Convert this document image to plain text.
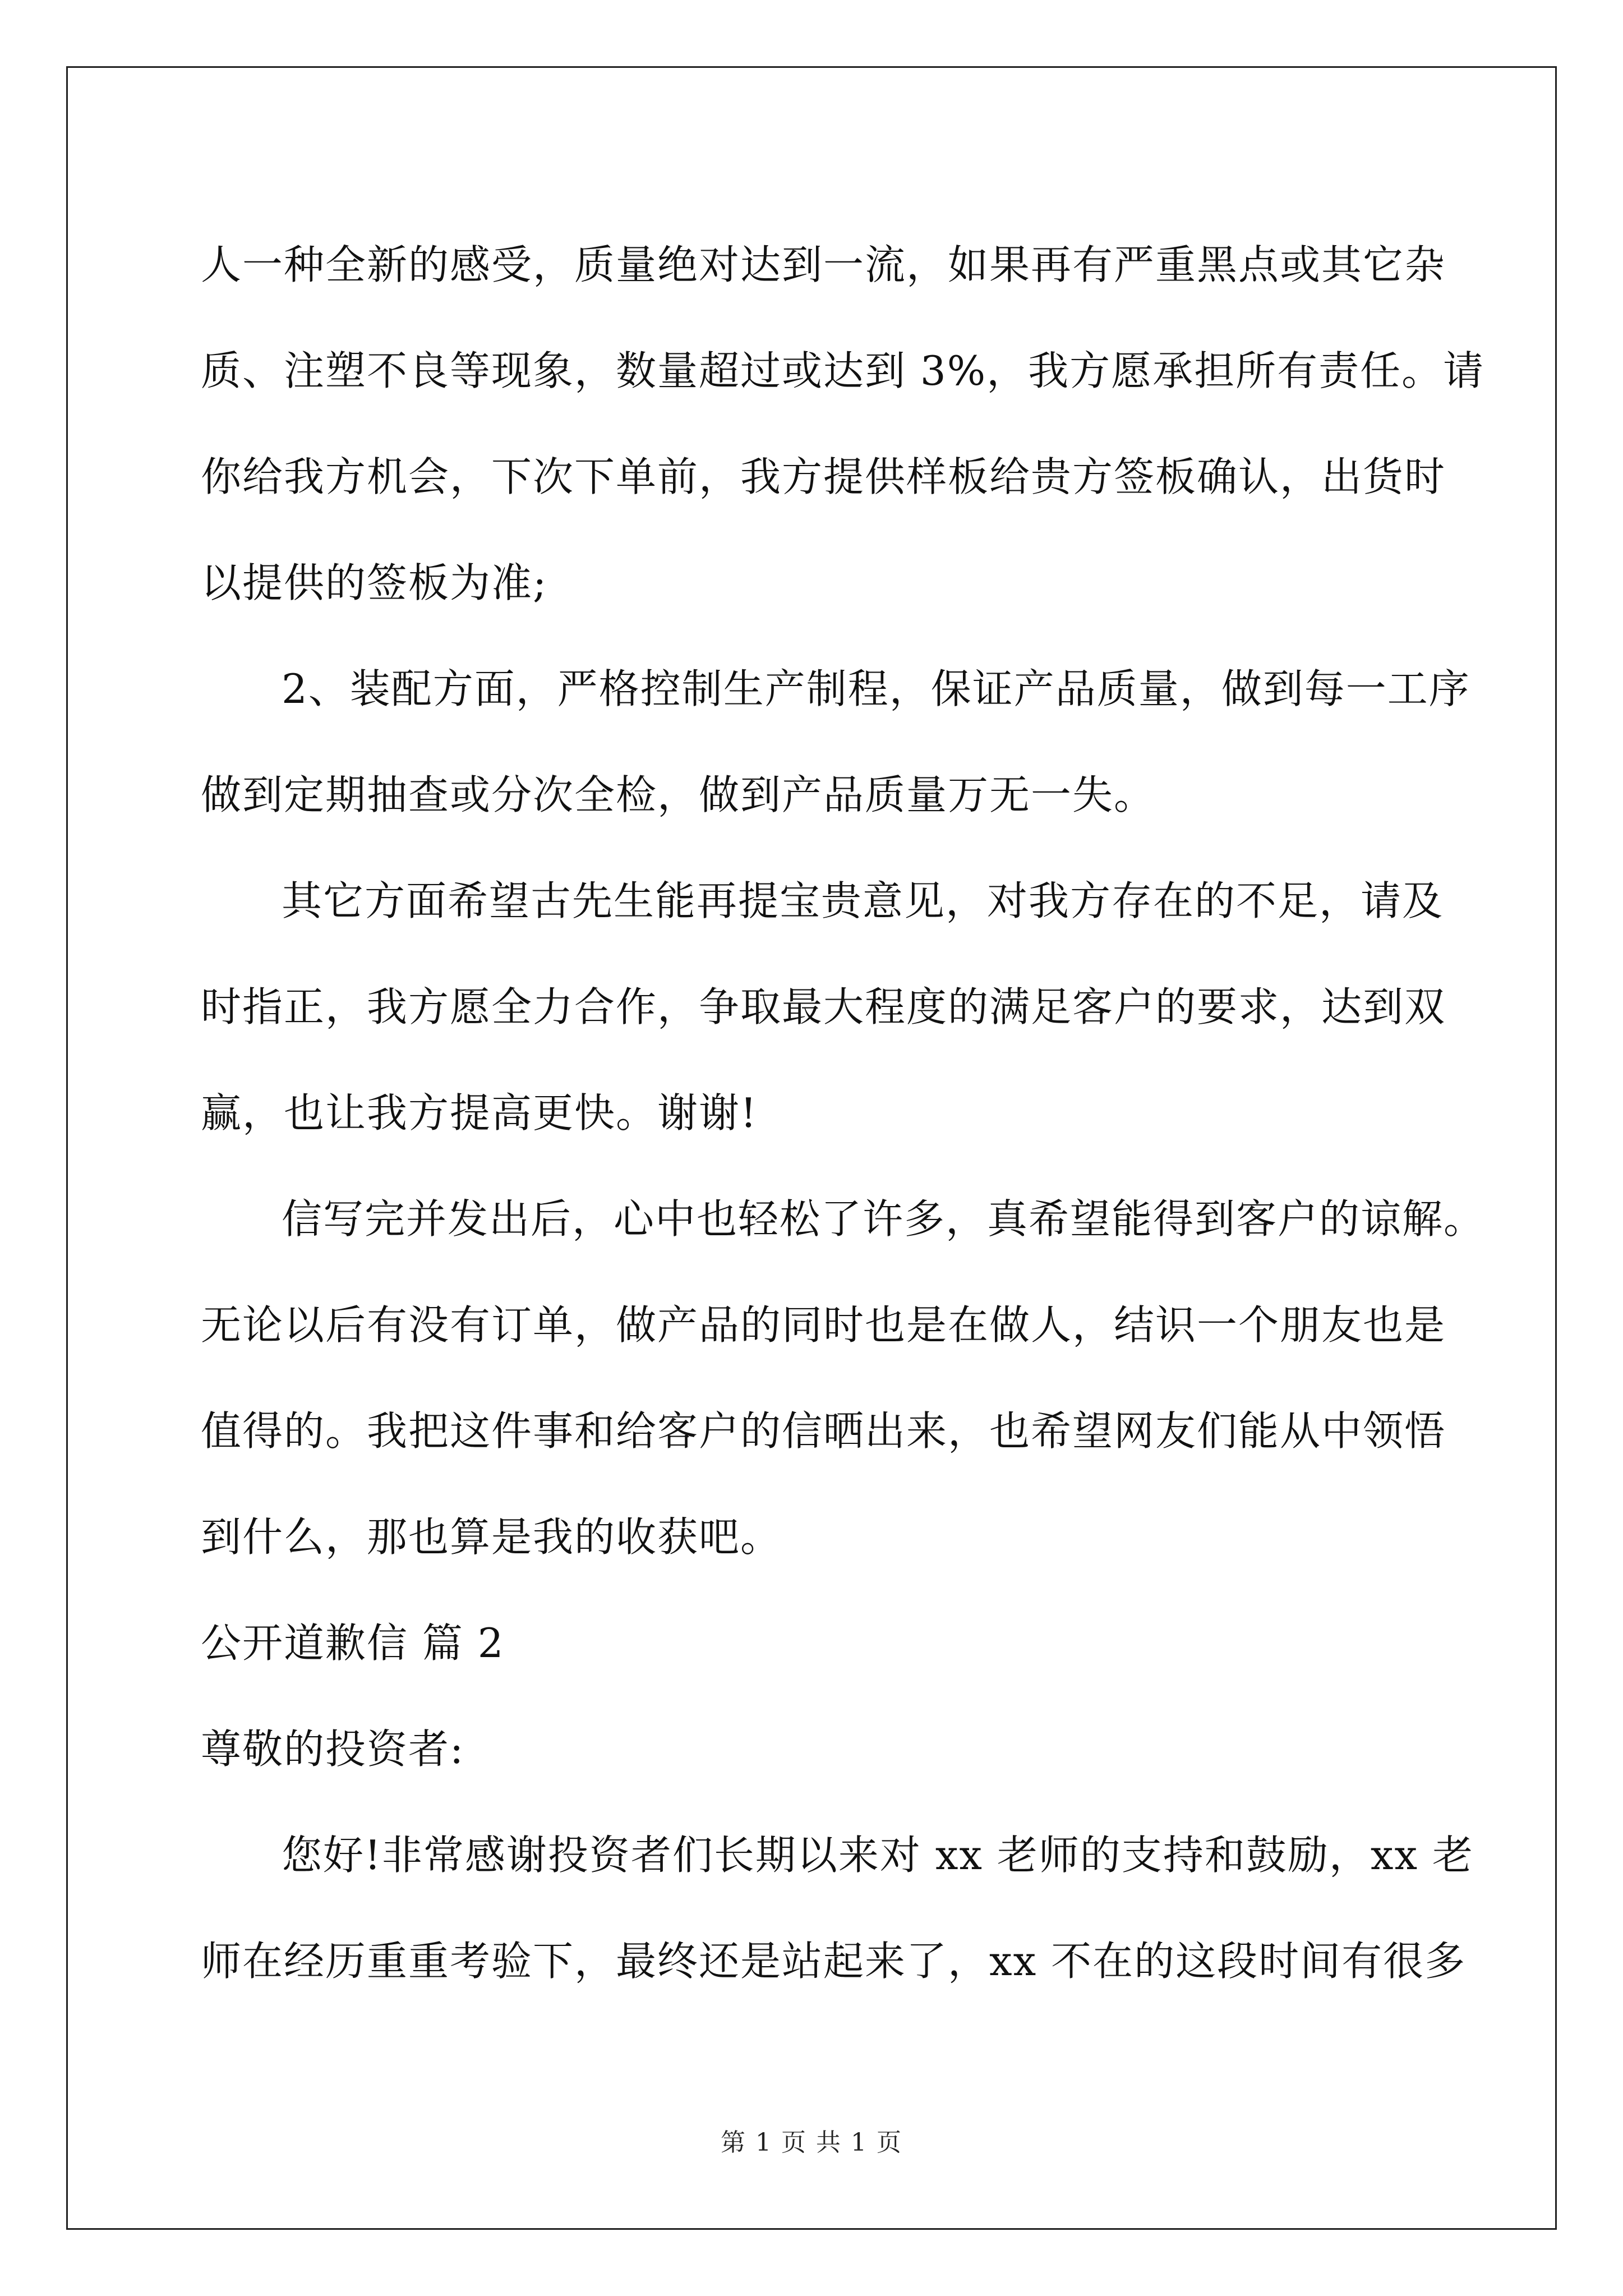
人一种全新的感受，质量绝对达到一流，如果再有严重黑点或其它杂
质、注塑不良等现象，数量超过或达到 3%，我方愿承担所有责任。请
你给我方机会，下次下单前，我方提供样板给贵方签板确认，出货时
以提供的签板为准;
2、装配方面，严格控制生产制程，保证产品质量，做到每一工序
做到定期抽查或分次全检，做到产品质量万无一失。
其它方面希望古先生能再提宝贵意见，对我方存在的不足，请及
时指正，我方愿全力合作，争取最大程度的满足客户的要求，达到双
赢，也让我方提高更快。谢谢!
信写完并发出后，心中也轻松了许多，真希望能得到客户的谅解。
无论以后有没有订单，做产品的同时也是在做人，结识一个朋友也是
值得的。我把这件事和给客户的信晒出来，也希望网友们能从中领悟
到什么，那也算是我的收获吧。
公开道歉信 篇 2
尊敬的投资者:
您好!非常感谢投资者们长期以来对 xx 老师的支持和鼓励，xx 老
师在经历重重考验下，最终还是站起来了，xx 不在的这段时间有很多
第 1 页 共 1 页
